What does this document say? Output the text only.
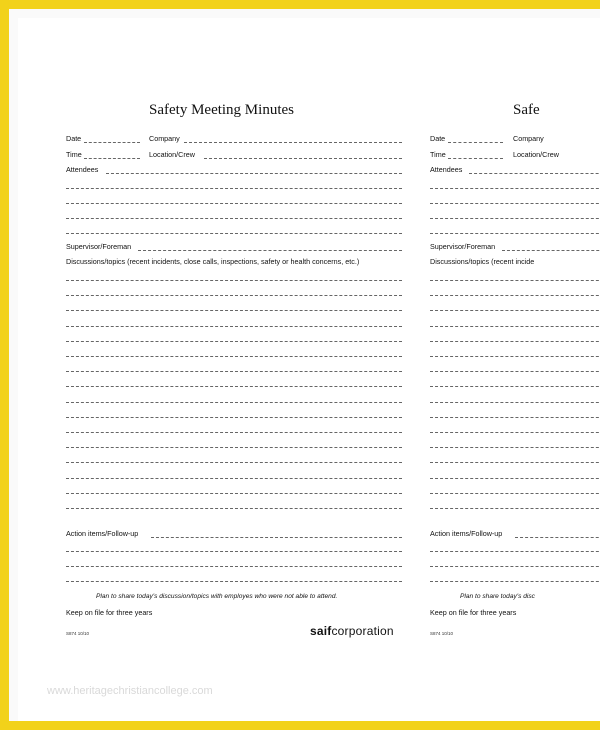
Safety Meeting Minutes
Date	Company
Time	Location/Crew
Attendees
Supervisor/Foreman
Discussions/topics (recent incidents, close calls, inspections, safety or health concerns, etc.)
Action items/Follow-up
Plan to share today's discussion/topics with employes who were not able to attend.
Keep on file for three years
S874 10/10	saifcorporation
Safe
Date	Company
Time	Location/Crew
Attendees
Supervisor/Foreman
Discussions/topics (recent incide
Action items/Follow-up
Plan to share today's disc
Keep on file for three years
S874 10/10
www.heritagechristiancollege.com
